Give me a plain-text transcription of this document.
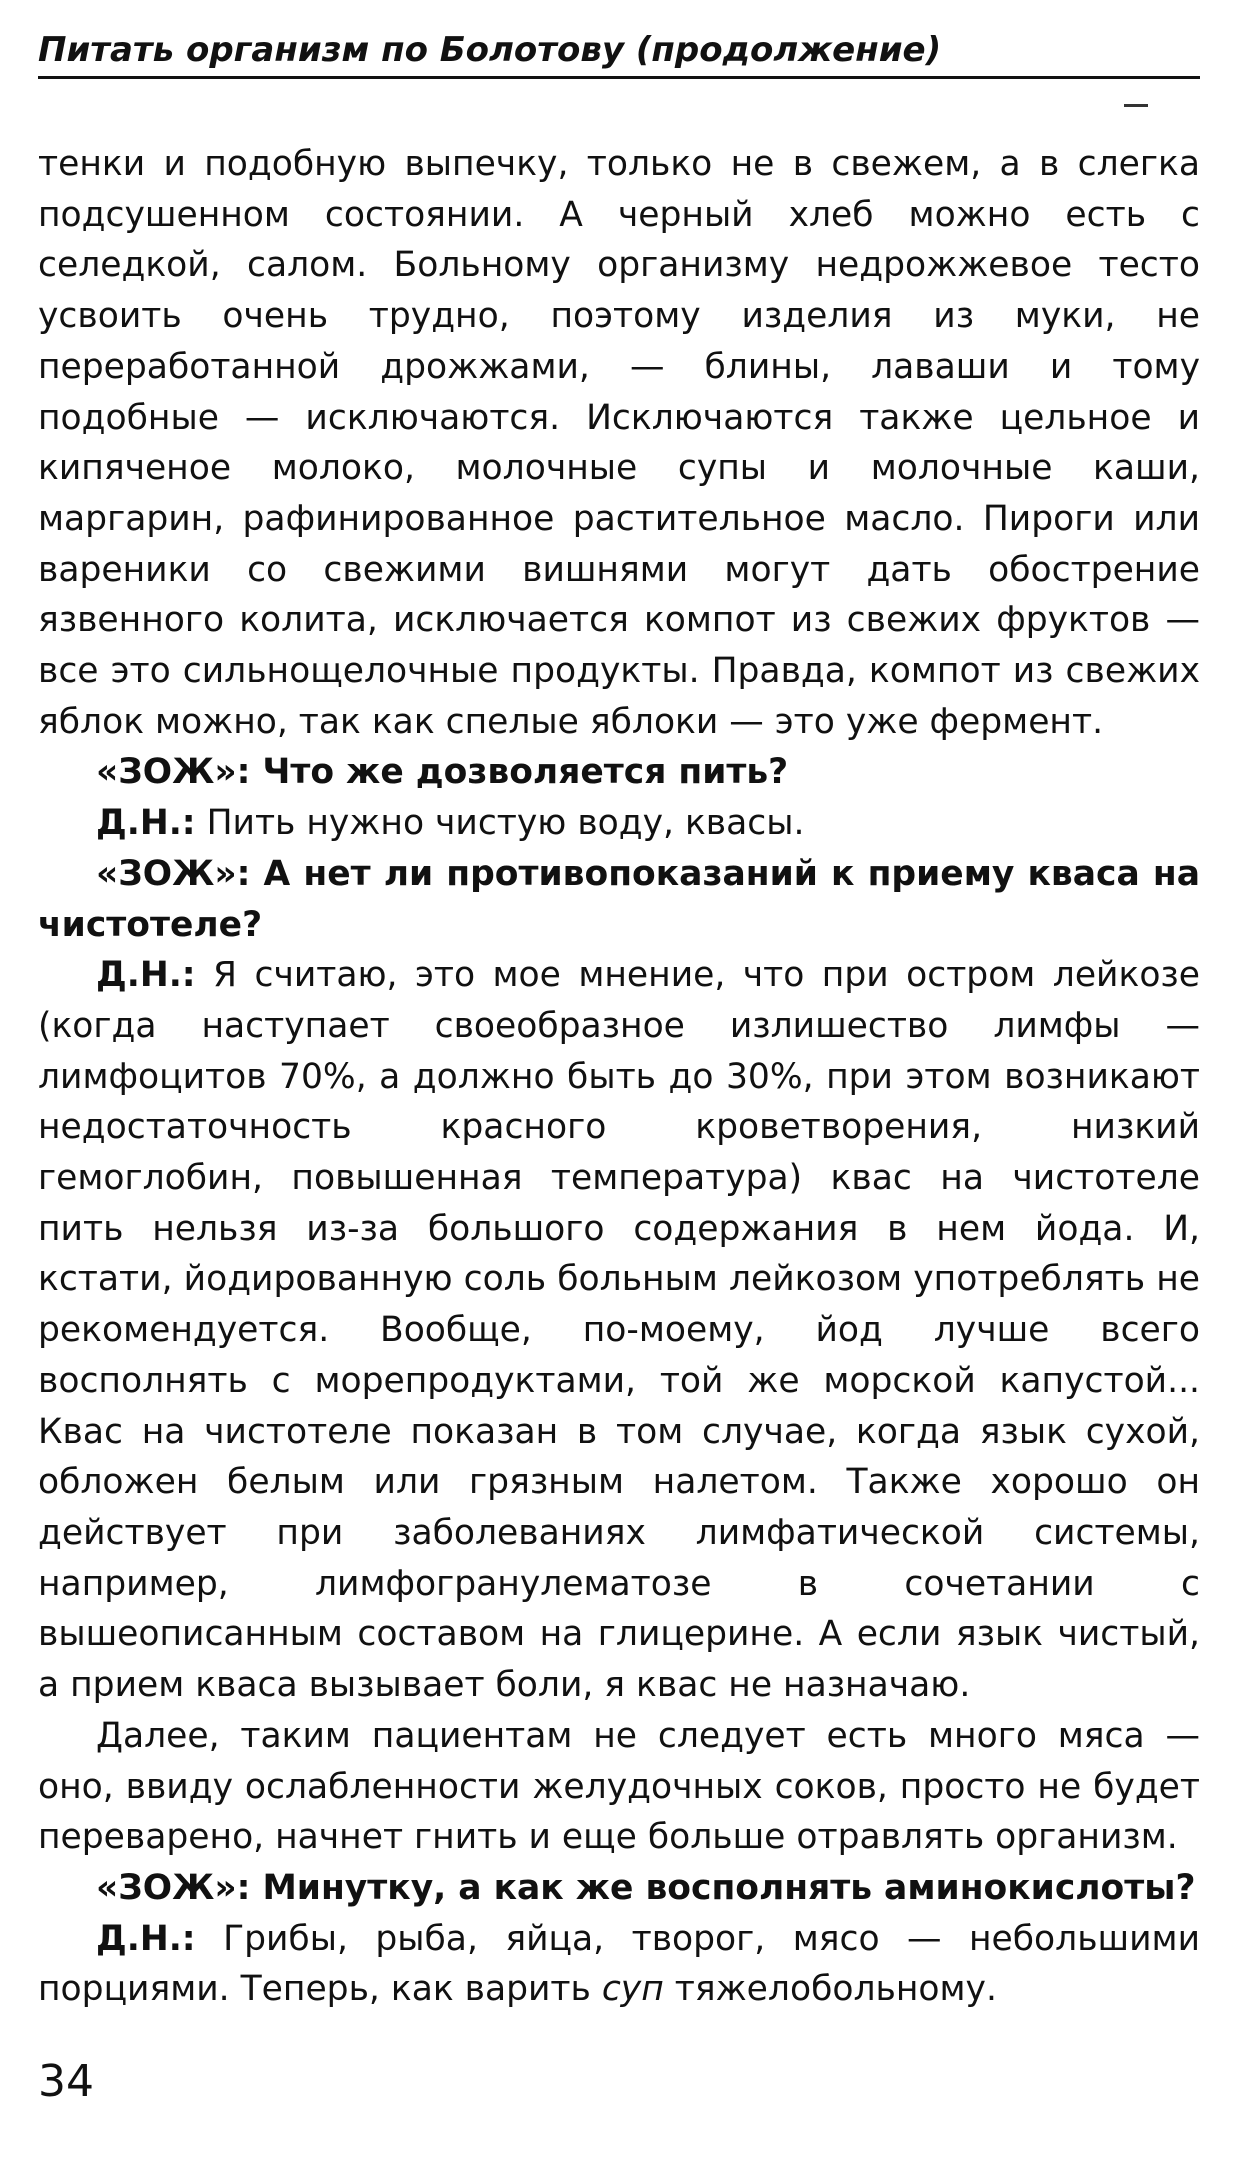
Питать организм по Болотову (продолжение)

тенки и подобную выпечку, только не в свежем, а в слегка подсушенном состоянии. А черный хлеб можно есть с селедкой, салом. Больному организму недрожжевое тесто усвоить очень трудно, поэтому изделия из муки, не переработанной дрожжами, — блины, лаваши и тому подобные — исключаются. Исключаются также цельное и кипяченое молоко, молочные супы и молочные каши, маргарин, рафинированное растительное масло. Пироги или вареники со свежими вишнями могут дать обострение язвенного колита, исключается компот из свежих фруктов — все это сильнощелочные продукты. Правда, компот из свежих яблок можно, так как спелые яблоки — это уже фермент.

«ЗОЖ»: Что же дозволяется пить?

Д.Н.: Пить нужно чистую воду, квасы.

«ЗОЖ»: А нет ли противопоказаний к приему кваса на чистотеле?

Д.Н.: Я считаю, это мое мнение, что при остром лейкозе (когда наступает своеобразное излишество лимфы — лимфоцитов 70%, а должно быть до 30%, при этом возникают недостаточность красного кроветворения, низкий гемоглобин, повышенная температура) квас на чистотеле пить нельзя из-за большого содержания в нем йода. И, кстати, йодированную соль больным лейкозом употреблять не рекомендуется. Вообще, по-моему, йод лучше всего восполнять с морепродуктами, той же морской капустой... Квас на чистотеле показан в том случае, когда язык сухой, обложен белым или грязным налетом. Также хорошо он действует при заболеваниях лимфатической системы, например, лимфогранулематозе в сочетании с вышеописанным составом на глицерине. А если язык чистый, а прием кваса вызывает боли, я квас не назначаю.

Далее, таким пациентам не следует есть много мяса — оно, ввиду ослабленности желудочных соков, просто не будет переварено, начнет гнить и еще больше отравлять организм.

«ЗОЖ»: Минутку, а как же восполнять аминокислоты?

Д.Н.: Грибы, рыба, яйца, творог, мясо — небольшими порциями. Теперь, как варить суп тяжелобольному.

34
